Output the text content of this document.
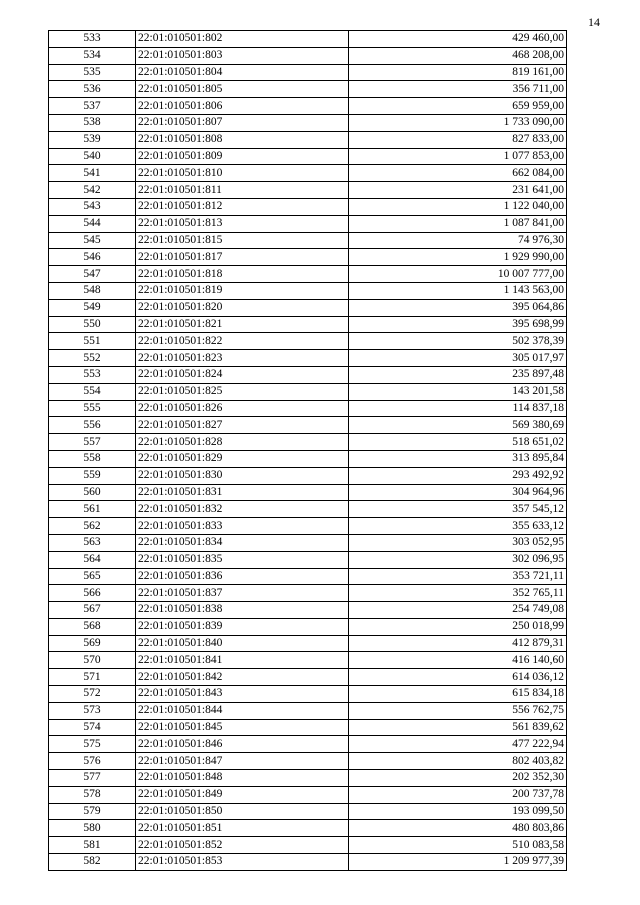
14
533	22:01:010501:802	429 460,00
534	22:01:010501:803	468 208,00
535	22:01:010501:804	819 161,00
536	22:01:010501:805	356 711,00
537	22:01:010501:806	659 959,00
538	22:01:010501:807	1 733 090,00
539	22:01:010501:808	827 833,00
540	22:01:010501:809	1 077 853,00
541	22:01:010501:810	662 084,00
542	22:01:010501:811	231 641,00
543	22:01:010501:812	1 122 040,00
544	22:01:010501:813	1 087 841,00
545	22:01:010501:815	74 976,30
546	22:01:010501:817	1 929 990,00
547	22:01:010501:818	10 007 777,00
548	22:01:010501:819	1 143 563,00
549	22:01:010501:820	395 064,86
550	22:01:010501:821	395 698,99
551	22:01:010501:822	502 378,39
552	22:01:010501:823	305 017,97
553	22:01:010501:824	235 897,48
554	22:01:010501:825	143 201,58
555	22:01:010501:826	114 837,18
556	22:01:010501:827	569 380,69
557	22:01:010501:828	518 651,02
558	22:01:010501:829	313 895,84
559	22:01:010501:830	293 492,92
560	22:01:010501:831	304 964,96
561	22:01:010501:832	357 545,12
562	22:01:010501:833	355 633,12
563	22:01:010501:834	303 052,95
564	22:01:010501:835	302 096,95
565	22:01:010501:836	353 721,11
566	22:01:010501:837	352 765,11
567	22:01:010501:838	254 749,08
568	22:01:010501:839	250 018,99
569	22:01:010501:840	412 879,31
570	22:01:010501:841	416 140,60
571	22:01:010501:842	614 036,12
572	22:01:010501:843	615 834,18
573	22:01:010501:844	556 762,75
574	22:01:010501:845	561 839,62
575	22:01:010501:846	477 222,94
576	22:01:010501:847	802 403,82
577	22:01:010501:848	202 352,30
578	22:01:010501:849	200 737,78
579	22:01:010501:850	193 099,50
580	22:01:010501:851	480 803,86
581	22:01:010501:852	510 083,58
582	22:01:010501:853	1 209 977,39
